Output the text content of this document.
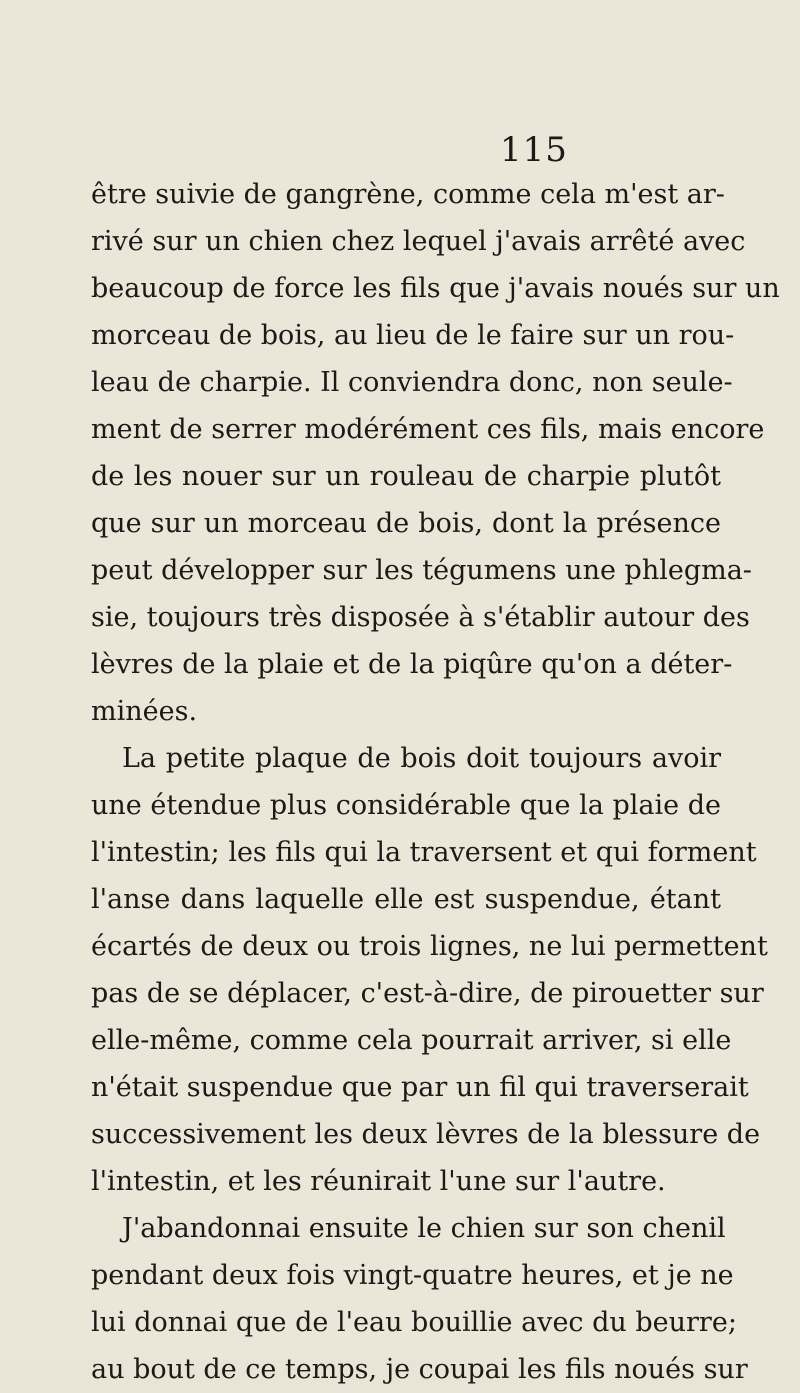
115
être suivie de gangrène, comme cela m'est ar-
rivé sur un chien chez lequel j'avais arrêté avec
beaucoup de force les fils que j'avais noués sur un
morceau de bois, au lieu de le faire sur un rou-
leau de charpie. Il conviendra donc, non seule-
ment de serrer modérément ces fils, mais encore
de les nouer sur un rouleau de charpie plutôt
que sur un morceau de bois, dont la présence
peut développer sur les tégumens une phlegma-
sie, toujours très disposée à s'établir autour des
lèvres de la plaie et de la piqûre qu'on a déter-
minées.
La petite plaque de bois doit toujours avoir
une étendue plus considérable que la plaie de
l'intestin; les fils qui la traversent et qui forment
l'anse dans laquelle elle est suspendue, étant
écartés de deux ou trois lignes, ne lui permettent
pas de se déplacer, c'est-à-dire, de pirouetter sur
elle-même, comme cela pourrait arriver, si elle
n'était suspendue que par un fil qui traverserait
successivement les deux lèvres de la blessure de
l'intestin, et les réunirait l'une sur l'autre.
J'abandonnai ensuite le chien sur son chenil
pendant deux fois vingt-quatre heures, et je ne
lui donnai que de l'eau bouillie avec du beurre;
au bout de ce temps, je coupai les fils noués sur
